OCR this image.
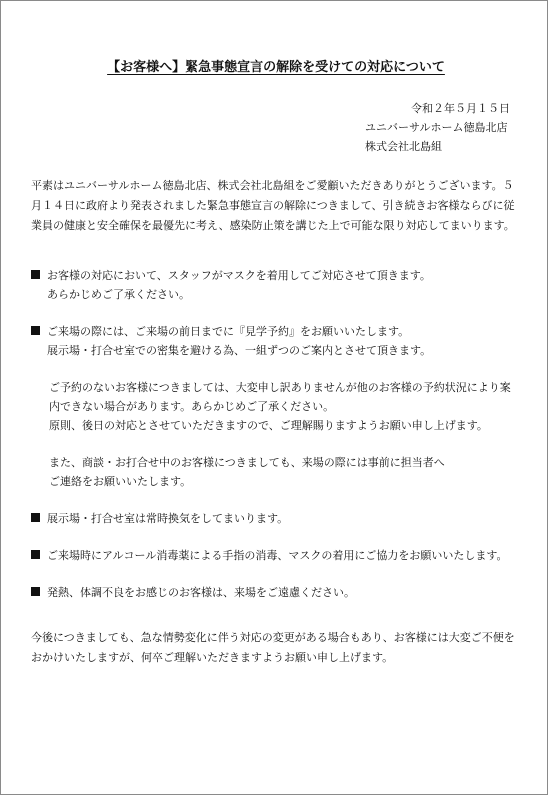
【お客様へ】緊急事態宣言の解除を受けての対応について
令和２年５月１５日
ユニバーサルホーム徳島北店
株式会社北島組
平素はユニバーサルホーム徳島北店、株式会社北島組をご愛顧いただきありがとうございます。５月１４日に政府より発表されました緊急事態宣言の解除につきまして、引き続きお客様ならびに従業員の健康と安全確保を最優先に考え、感染防止策を講じた上で可能な限り対応してまいります。

お客様の対応において、スタッフがマスクを着用してご対応させて頂きます。

あらかじめご了承ください。

ご来場の際には、ご来場の前日までに『見学予約』をお願いいたします。

展示場・打合せ室での密集を避ける為、一組ずつのご案内とさせて頂きます。

ご予約のないお客様につきましては、大変申し訳ありませんが他のお客様の予約状況により案内できない場合があります。あらかじめご了承ください。

原則、後日の対応とさせていただきますので、ご理解賜りますようお願い申し上げます。

また、商談・お打合せ中のお客様につきましても、来場の際には事前に担当者へ

ご連絡をお願いいたします。

展示場・打合せ室は常時換気をしてまいります。

ご来場時にアルコール消毒薬による手指の消毒、マスクの着用にご協力をお願いいたします。

発熱、体調不良をお感じのお客様は、来場をご遠慮ください。

今後につきましても、急な情勢変化に伴う対応の変更がある場合もあり、お客様には大変ご不便をおかけいたしますが、何卒ご理解いただきますようお願い申し上げます。
